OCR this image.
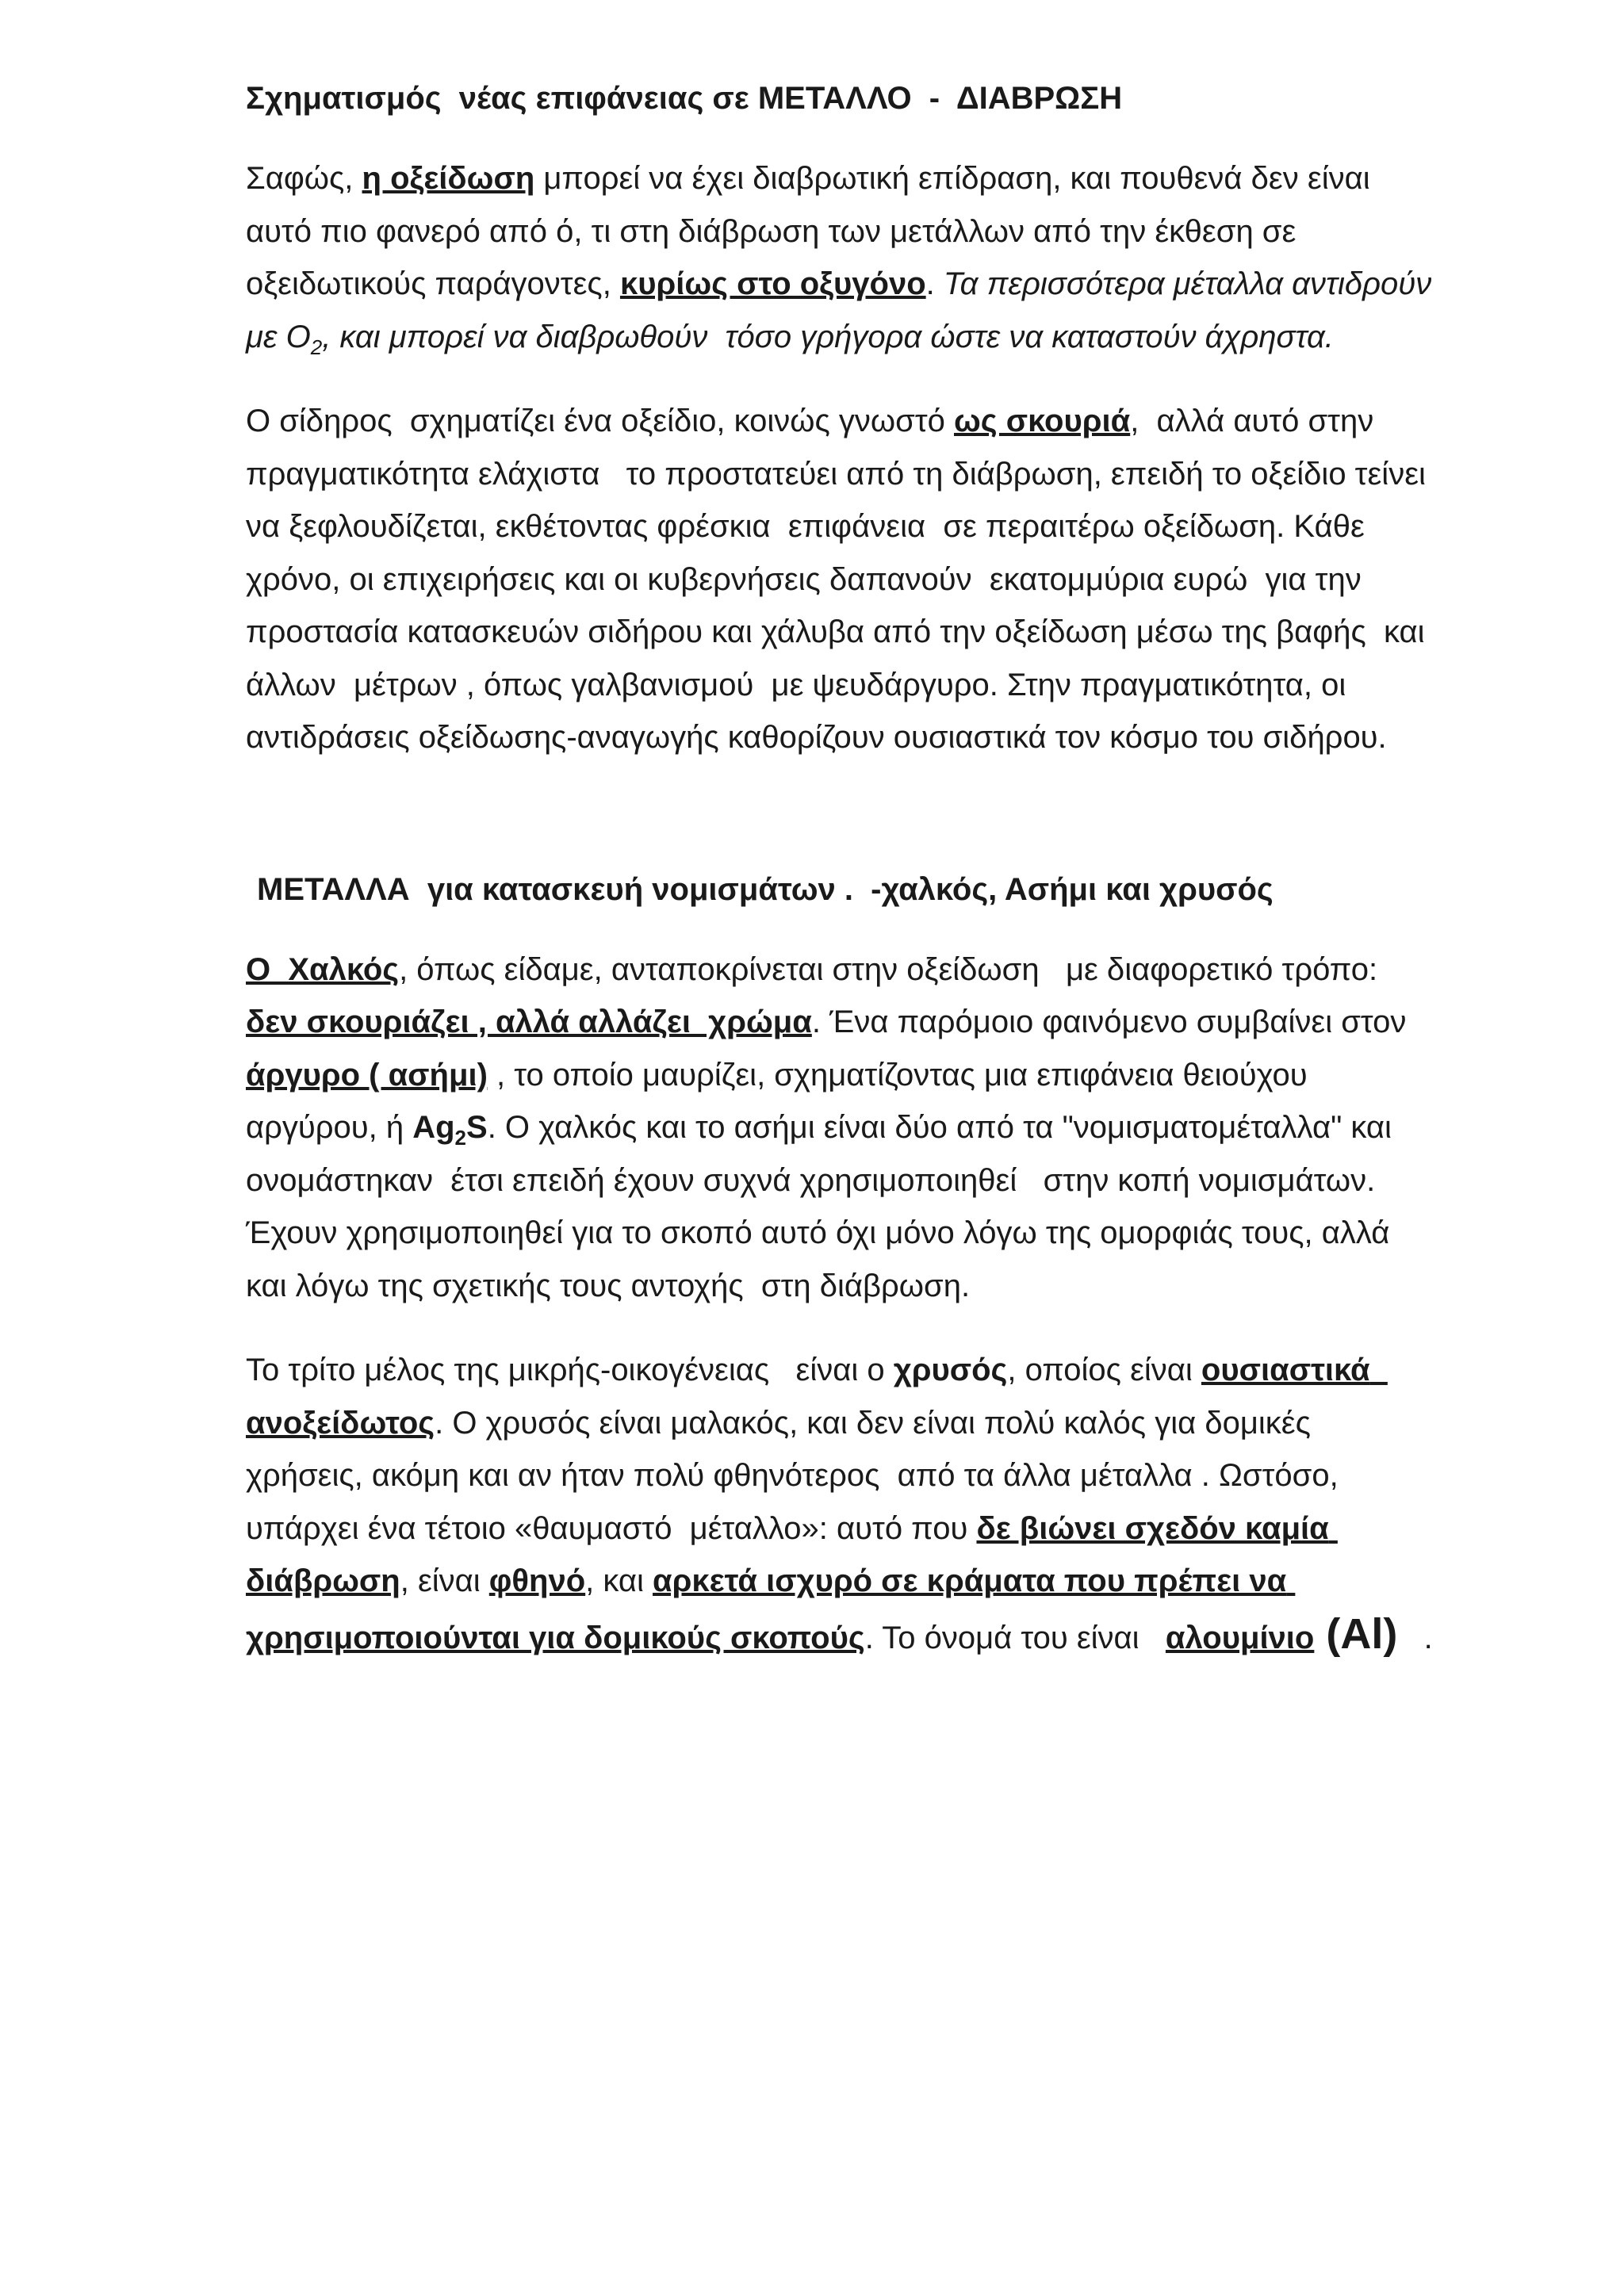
Σχηματισμός  νέας επιφάνειας σε ΜΕΤΑΛΛΟ  -  ΔΙΑΒΡΩΣΗ

Σαφώς, η οξείδωση μπορεί να έχει διαβρωτική επίδραση, και πουθενά δεν είναι αυτό πιο φανερό από ό, τι στη διάβρωση των μετάλλων από την έκθεση σε οξειδωτικούς παράγοντες, κυρίως στο οξυγόνο. Τα περισσότερα μέταλλα αντιδρούν με $O_2$, και μπορεί να διαβρωθούν  τόσο γρήγορα ώστε να καταστούν άχρηστα.

Ο σίδηρος  σχηματίζει ένα οξείδιο, κοινώς γνωστό ως σκουριά,  αλλά αυτό στην πραγματικότητα ελάχιστα   το προστατεύει από τη διάβρωση, επειδή το οξείδιο τείνει να ξεφλουδίζεται, εκθέτοντας φρέσκια  επιφάνεια  σε περαιτέρω οξείδωση. Κάθε χρόνο, οι επιχειρήσεις και οι κυβερνήσεις δαπανούν  εκατομμύρια ευρώ  για την προστασία κατασκευών σιδήρου και χάλυβα από την οξείδωση μέσω της βαφής  και άλλων  μέτρων , όπως γαλβανισμού  με ψευδάργυρο. Στην πραγματικότητα, οι αντιδράσεις οξείδωσης-αναγωγής καθορίζουν ουσιαστικά τον κόσμο του σιδήρου.

ΜΕΤΑΛΛΑ  για κατασκευή νομισμάτων .  -χαλκός, Ασήμι και χρυσός

Ο  Χαλκός, όπως είδαμε, ανταποκρίνεται στην οξείδωση   με διαφορετικό τρόπο:  δεν σκουριάζει , αλλά αλλάζει  χρώμα. Ένα παρόμοιο φαινόμενο συμβαίνει στον άργυρο ( ασήμι) , το οποίο μαυρίζει, σχηματίζοντας μια επιφάνεια θειούχου αργύρου, ή $Ag_2S$. Ο χαλκός και το ασήμι είναι δύο από τα "νομισματομέταλλα" και  ονομάστηκαν  έτσι επειδή έχουν συχνά χρησιμοποιηθεί   στην κοπή νομισμάτων. Έχουν χρησιμοποιηθεί για το σκοπό αυτό όχι μόνο λόγω της ομορφιάς τους, αλλά και λόγω της σχετικής τους αντοχής  στη διάβρωση.

Το τρίτο μέλος της μικρής-οικογένειας   είναι ο χρυσός, οποίος είναι ουσιαστικά  ανοξείδωτος. Ο χρυσός είναι μαλακός, και δεν είναι πολύ καλός για δομικές χρήσεις, ακόμη και αν ήταν πολύ φθηνότερος  από τα άλλα μέταλλα . Ωστόσο, υπάρχει ένα τέτοιο «θαυμαστό  μέταλλο»: αυτό που δε βιώνει σχεδόν καμία διάβρωση, είναι φθηνό, και αρκετά ισχυρό σε κράματα που πρέπει να χρησιμοποιούνται για δομικούς σκοπούς. Το όνομά του είναι   αλουμίνιο (Al)   .
